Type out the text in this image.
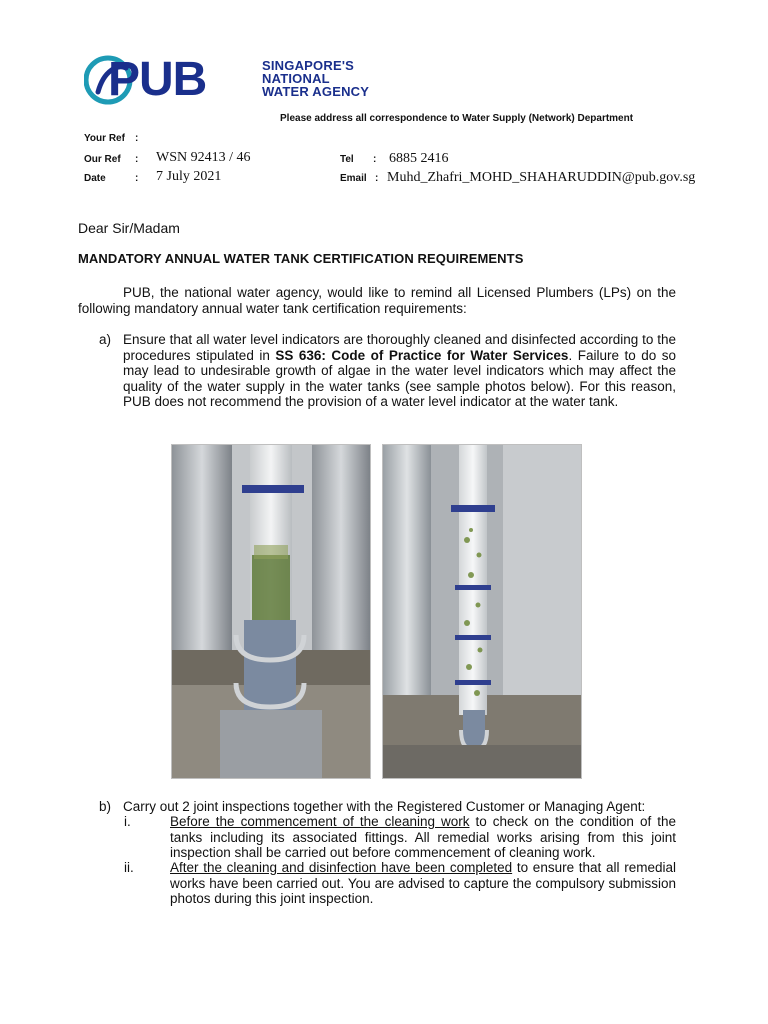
PUB	SINGAPORE'S
NATIONAL
WATER AGENCY
Please address all correspondence to Water Supply (Network) Department
Your Ref :
Our Ref : WSN 92413 / 46
Date	: 7 July 2021
Tel : 6885 2416
Email : Muhd_Zhafri_MOHD_SHAHARUDDIN@pub.gov.sg
Dear Sir/Madam
MANDATORY ANNUAL WATER TANK CERTIFICATION REQUIREMENTS
PUB, the national water agency, would like to remind all Licensed Plumbers (LPs) on the following mandatory annual water tank certification requirements:
a) Ensure that all water level indicators are thoroughly cleaned and disinfected according to the procedures stipulated in SS 636: Code of Practice for Water Services. Failure to do so may lead to undesirable growth of algae in the water level indicators which may affect the quality of the water supply in the water tanks (see sample photos below). For this reason, PUB does not recommend the provision of a water level indicator at the water tank.
b) Carry out 2 joint inspections together with the Registered Customer or Managing Agent:
i.	Before the commencement of the cleaning work to check on the condition of the tanks including its associated fittings. All remedial works arising from this joint inspection shall be carried out before commencement of cleaning work.
ii.	After the cleaning and disinfection have been completed to ensure that all remedial works have been carried out. You are advised to capture the compulsory submission photos during this joint inspection.
